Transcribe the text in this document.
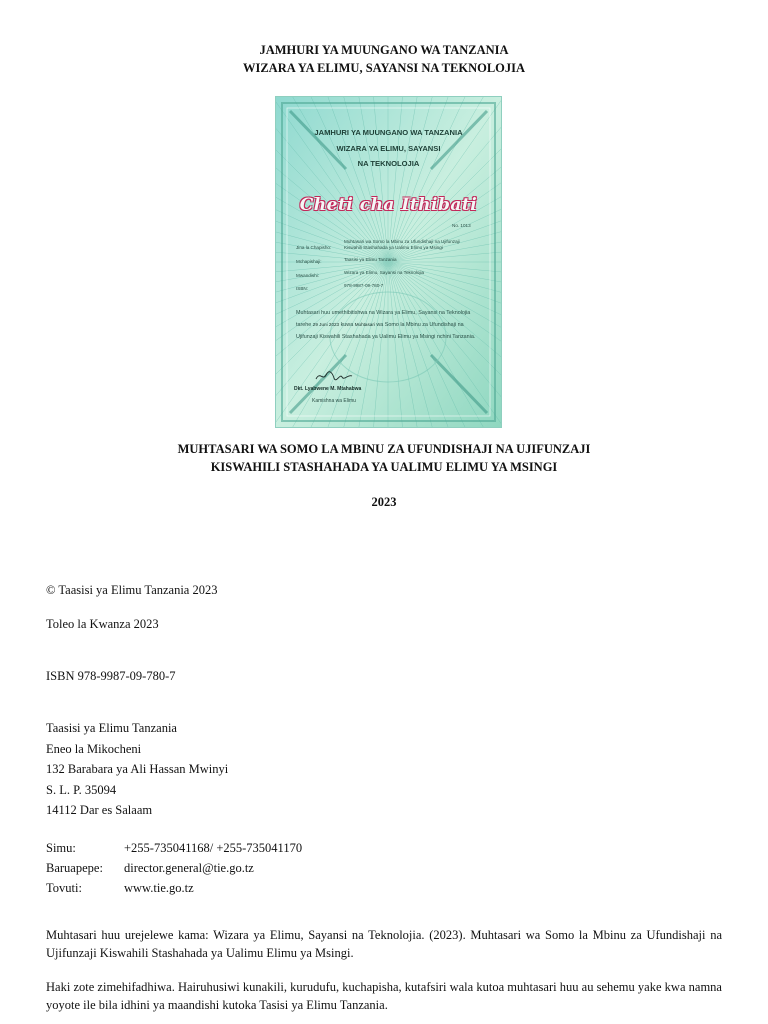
JAMHURI YA MUUNGANO WA TANZANIA
WIZARA YA ELIMU, SAYANSI NA TEKNOLOJIA
JAMHURI YA MUUNGANO WA TANZANIA
WIZARA YA ELIMU, SAYANSI
NA TEKNOLOJIA
Cheti cha Ithibati
No. 1013
Jina la Chapisho:
Muhtasari wa Somo la Mbinu za Ufundishaji na Ujifunzaji
Kiswahili Stashahada ya Ualimu Elimu ya Msingi
Mchapishaji:	Taasisi ya Elimu Tanzania
Mwandishi:
Wizara ya Elimu, Sayansi na Teknolojia
ISBN:
978-9987-09-780-7
Muhtasari huu umethibitishwa na Wizara ya Elimu, Sayansi na Teknolojia tarehe 29 Juni 2023 kuwa Muhtasari wa Somo la Mbinu za Ufundishaji na Ujifunzaji Kiswahili Stashahada ya Ualimu Elimu ya Msingi nchini Tanzania.
Dkt. Lyabwene M. Mtahabwa
Kamishna wa Elimu
MUHTASARI WA SOMO LA MBINU ZA UFUNDISHAJI NA UJIFUNZAJI
KISWAHILI STASHAHADA YA UALIMU ELIMU YA MSINGI
2023
© Taasisi ya Elimu Tanzania 2023
Toleo la Kwanza 2023
ISBN 978-9987-09-780-7
Taasisi ya Elimu Tanzania
Eneo la Mikocheni
132 Barabara ya Ali Hassan Mwinyi
S. L. P. 35094
14112 Dar es Salaam
Simu:	+255-735041168/ +255-735041170
Baruapepe: director.general@tie.go.tz
Tovuti:	www.tie.go.tz
Muhtasari huu urejelewe kama: Wizara ya Elimu, Sayansi na Teknolojia. (2023). Muhtasari wa Somo la Mbinu za Ufundishaji na Ujifunzaji Kiswahili Stashahada ya Ualimu Elimu ya Msingi.
Haki zote zimehifadhiwa. Hairuhusiwi kunakili, kurudufu, kuchapisha, kutafsiri wala kutoa muhtasari huu au sehemu yake kwa namna yoyote ile bila idhini ya maandishi kutoka Tasisi ya Elimu Tanzania.
